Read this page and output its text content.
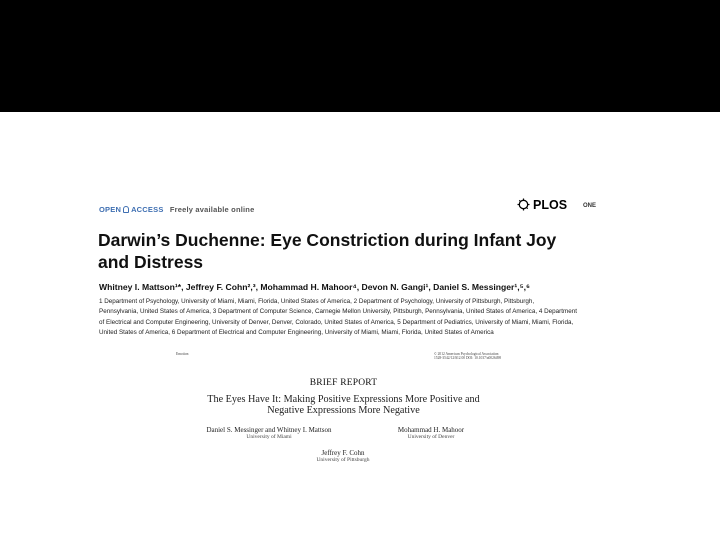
OPEN ACCESS Freely available online	PLOS	ONE
Darwin’s Duchenne: Eye Constriction during Infant Joy
and Distress
Whitney I. Mattson¹*, Jeffrey F. Cohn²,³, Mohammad H. Mahoor⁴, Devon N. Gangi¹, Daniel S. Messinger¹,⁵,⁶
1 Department of Psychology, University of Miami, Miami, Florida, United States of America, 2 Department of Psychology, University of Pittsburgh, Pittsburgh,
Pennsylvania, United States of America, 3 Department of Computer Science, Carnegie Mellon University, Pittsburgh, Pennsylvania, United States of America, 4 Department
of Electrical and Computer Engineering, University of Denver, Denver, Colorado, United States of America, 5 Department of Pediatrics, University of Miami, Miami, Florida,
United States of America, 6 Department of Electrical and Computer Engineering, University of Miami, Miami, Florida, United States of America
Emotion	© 2012 American Psychological Association
1528-3542/12/$12.00 DOI: 10.1037/a0026498
BRIEF REPORT
The Eyes Have It: Making Positive Expressions More Positive and
Negative Expressions More Negative
Daniel S. Messinger and Whitney I. Mattson
University of Miami
Mohammad H. Mahoor
University of Denver
Jeffrey F. Cohn
University of Pittsburgh
